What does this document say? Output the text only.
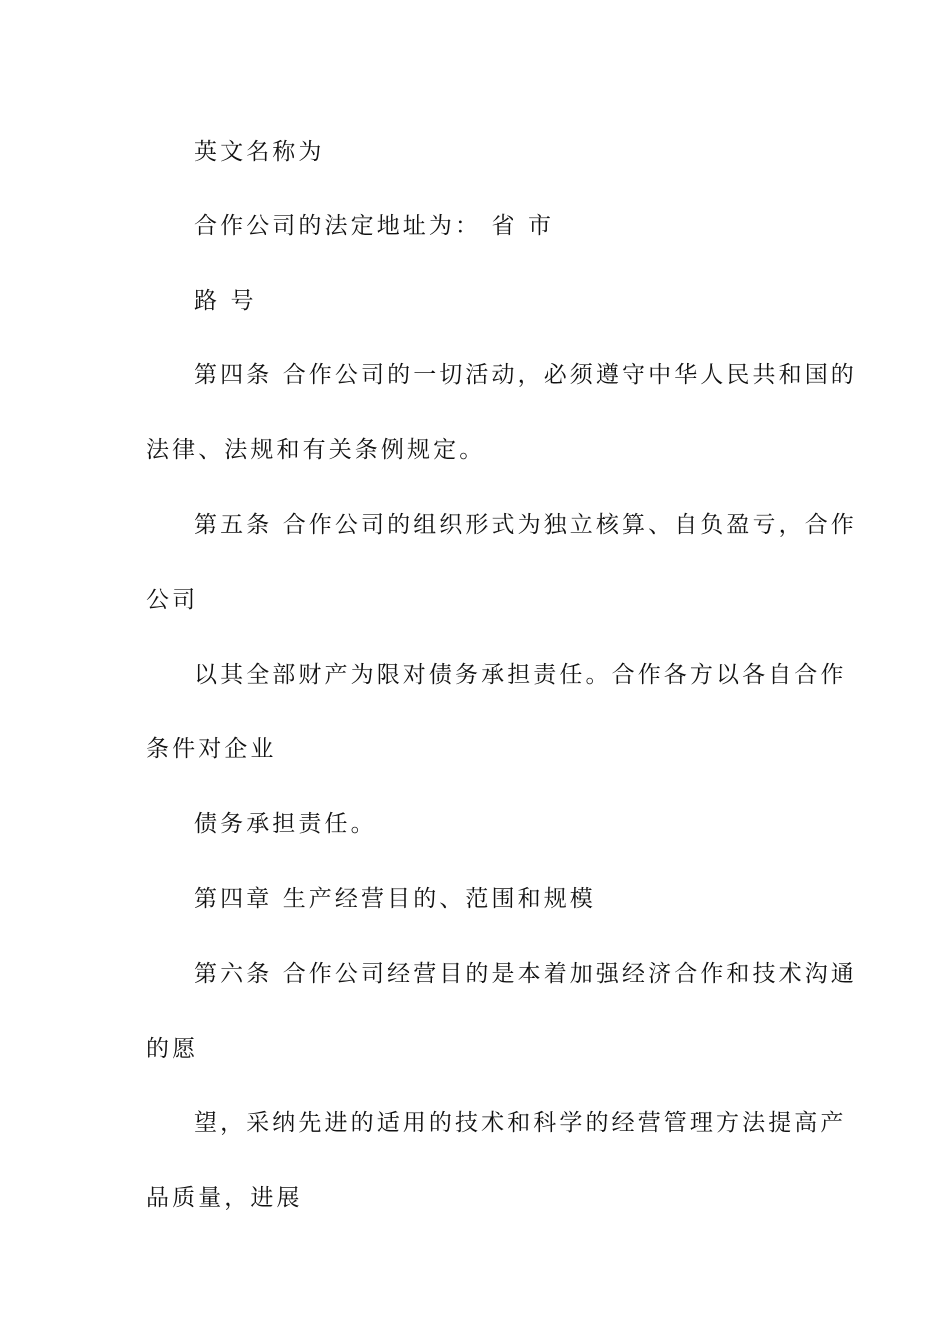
英文名称为
合作公司的法定地址为： 省 市
路 号
第四条 合作公司的一切活动，必须遵守中华人民共和国的
法律、法规和有关条例规定。
第五条 合作公司的组织形式为独立核算、自负盈亏，合作
公司
以其全部财产为限对债务承担责任。合作各方以各自合作
条件对企业
债务承担责任。
第四章 生产经营目的、范围和规模
第六条 合作公司经营目的是本着加强经济合作和技术沟通
的愿
望，采纳先进的适用的技术和科学的经营管理方法提高产
品质量，进展
